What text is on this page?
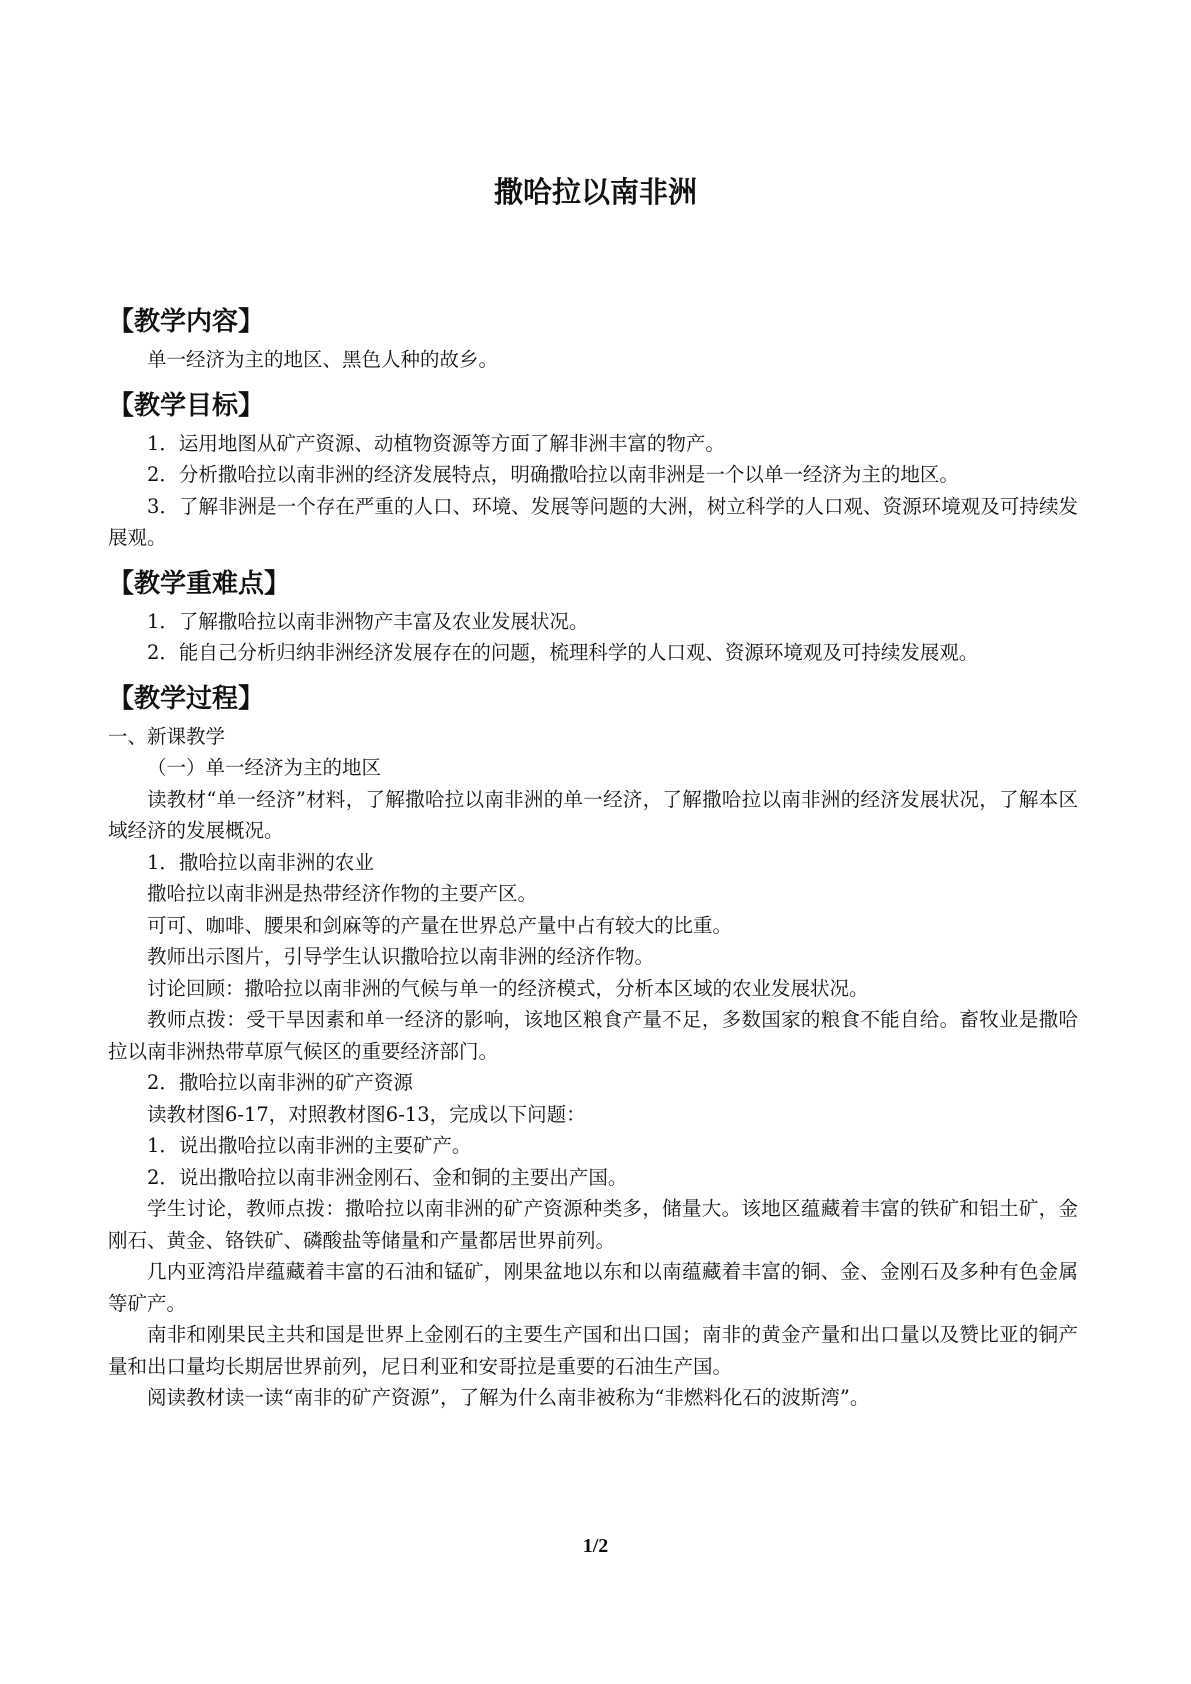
撒哈拉以南非洲
【教学内容】

单一经济为主的地区、黑色人种的故乡。

【教学目标】

1．运用地图从矿产资源、动植物资源等方面了解非洲丰富的物产。

2．分析撒哈拉以南非洲的经济发展特点，明确撒哈拉以南非洲是一个以单一经济为主的地区。

3．了解非洲是一个存在严重的人口、环境、发展等问题的大洲，树立科学的人口观、资源环境观及可持续发展观。

【教学重难点】

1．了解撒哈拉以南非洲物产丰富及农业发展状况。

2．能自己分析归纳非洲经济发展存在的问题，梳理科学的人口观、资源环境观及可持续发展观。

【教学过程】

一、新课教学

（一）单一经济为主的地区

读教材“单一经济”材料，了解撒哈拉以南非洲的单一经济，了解撒哈拉以南非洲的经济发展状况，了解本区域经济的发展概况。

1．撒哈拉以南非洲的农业

撒哈拉以南非洲是热带经济作物的主要产区。

可可、咖啡、腰果和剑麻等的产量在世界总产量中占有较大的比重。

教师出示图片，引导学生认识撒哈拉以南非洲的经济作物。

讨论回顾：撒哈拉以南非洲的气候与单一的经济模式，分析本区域的农业发展状况。

教师点拨：受干旱因素和单一经济的影响，该地区粮食产量不足，多数国家的粮食不能自给。畜牧业是撒哈拉以南非洲热带草原气候区的重要经济部门。

2．撒哈拉以南非洲的矿产资源

读教材图6-17，对照教材图6-13，完成以下问题：

1．说出撒哈拉以南非洲的主要矿产。

2．说出撒哈拉以南非洲金刚石、金和铜的主要出产国。

学生讨论，教师点拨：撒哈拉以南非洲的矿产资源种类多，储量大。该地区蕴藏着丰富的铁矿和铝土矿，金刚石、黄金、铬铁矿、磷酸盐等储量和产量都居世界前列。

几内亚湾沿岸蕴藏着丰富的石油和锰矿，刚果盆地以东和以南蕴藏着丰富的铜、金、金刚石及多种有色金属等矿产。

南非和刚果民主共和国是世界上金刚石的主要生产国和出口国；南非的黄金产量和出口量以及赞比亚的铜产量和出口量均长期居世界前列，尼日利亚和安哥拉是重要的石油生产国。

阅读教材读一读“南非的矿产资源”，了解为什么南非被称为“非燃料化石的波斯湾”。

1/2
